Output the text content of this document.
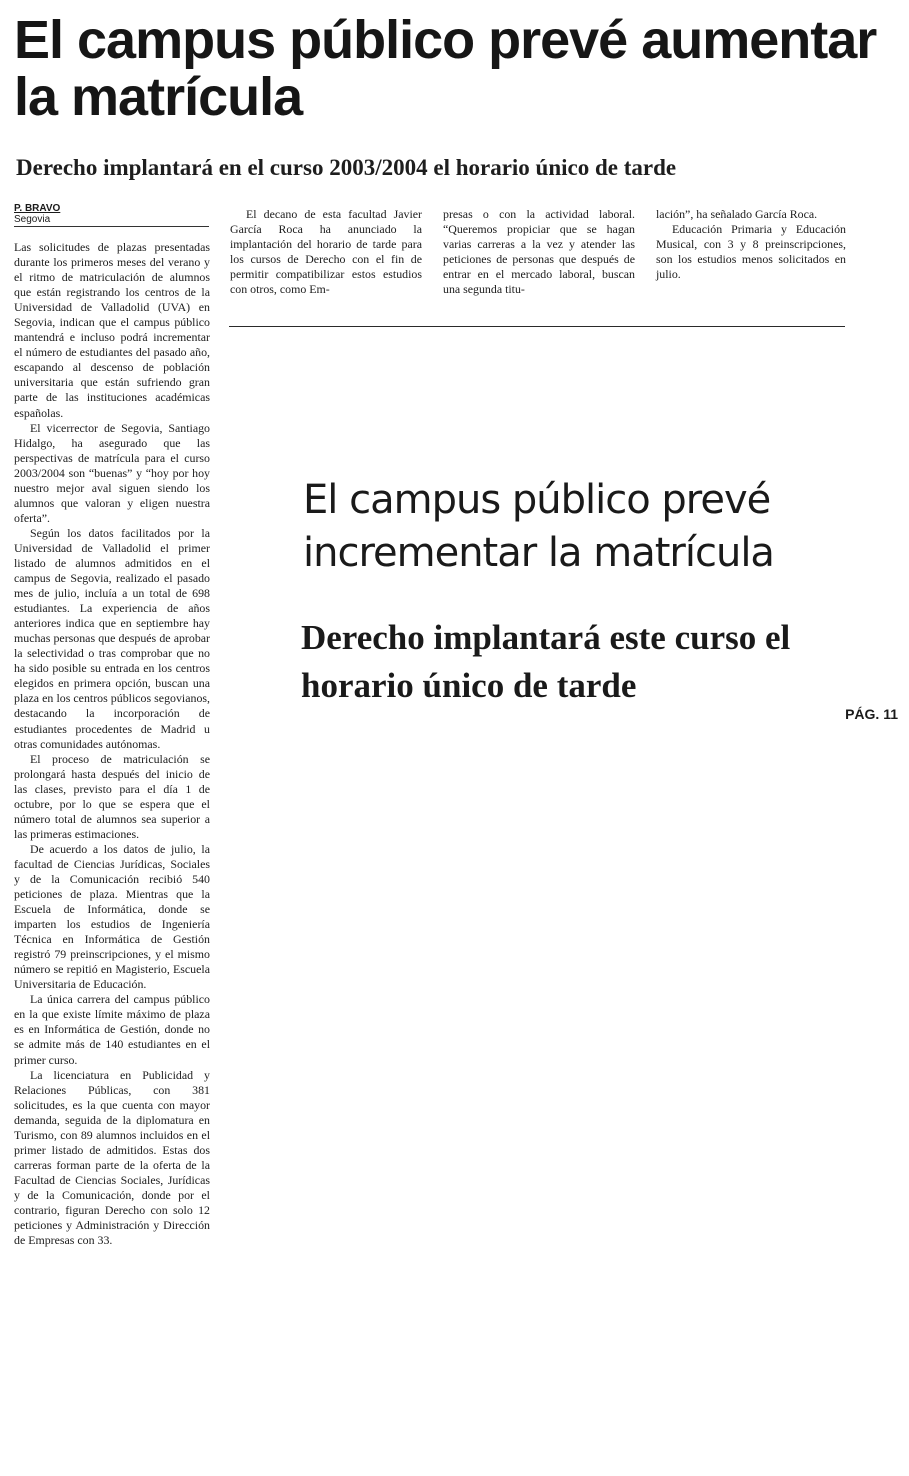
El campus público prevé aumentar la matrícula
Derecho implantará en el curso 2003/2004 el horario único de tarde
P. BRAVO
Segovia

Las solicitudes de plazas presentadas durante los primeros meses del verano y el ritmo de matriculación de alumnos que están registrando los centros de la Universidad de Valladolid (UVA) en Segovia, indican que el campus público mantendrá e incluso podrá incrementar el número de estudiantes del pasado año, escapando al descenso de población universitaria que están sufriendo gran parte de las instituciones académicas españolas.

El vicerrector de Segovia, Santiago Hidalgo, ha asegurado que las perspectivas de matrícula para el curso 2003/2004 son “buenas” y “hoy por hoy nuestro mejor aval siguen siendo los alumnos que valoran y eligen nuestra oferta”.

Según los datos facilitados por la Universidad de Valladolid el primer listado de alumnos admitidos en el campus de Segovia, realizado el pasado mes de julio, incluía a un total de 698 estudiantes. La experiencia de años anteriores indica que en septiembre hay muchas personas que después de aprobar la selectividad o tras comprobar que no ha sido posible su entrada en los centros elegidos en primera opción, buscan una plaza en los centros públicos segovianos, destacando la incorporación de estudiantes procedentes de Madrid u otras comunidades autónomas.

El proceso de matriculación se prolongará hasta después del inicio de las clases, previsto para el día 1 de octubre, por lo que se espera que el número total de alumnos sea superior a las primeras estimaciones.

De acuerdo a los datos de julio, la facultad de Ciencias Jurídicas, Sociales y de la Comunicación recibió 540 peticiones de plaza. Mientras que la Escuela de Informática, donde se imparten los estudios de Ingeniería Técnica en Informática de Gestión registró 79 preinscripciones, y el mismo número se repitió en Magisterio, Escuela Universitaria de Educación.

La única carrera del campus público en la que existe límite máximo de plaza es en Informática de Gestión, donde no se admite más de 140 estudiantes en el primer curso.

La licenciatura en Publicidad y Relaciones Públicas, con 381 solicitudes, es la que cuenta con mayor demanda, seguida de la diplomatura en Turismo, con 89 alumnos incluidos en el primer listado de admitidos. Estas dos carreras forman parte de la oferta de la Facultad de Ciencias Sociales, Jurídicas y de la Comunicación, donde por el contrario, figuran Derecho con solo 12 peticiones y Administración y Dirección de Empresas con 33.

El decano de esta facultad Javier García Roca ha anunciado la implantación del horario de tarde para los cursos de Derecho con el fin de permitir compatibilizar estos estudios con otros, como Em-

presas o con la actividad laboral. “Queremos propiciar que se hagan varias carreras a la vez y atender las peticiones de personas que después de entrar en el mercado laboral, buscan una segunda titu-

lación”, ha señalado García Roca.

Educación Primaria y Educación Musical, con 3 y 8 preinscripciones, son los estudios menos solicitados en julio.

El campus público prevé incrementar la matrícula
Derecho implantará este curso el horario único de tarde
PÁG. 11
